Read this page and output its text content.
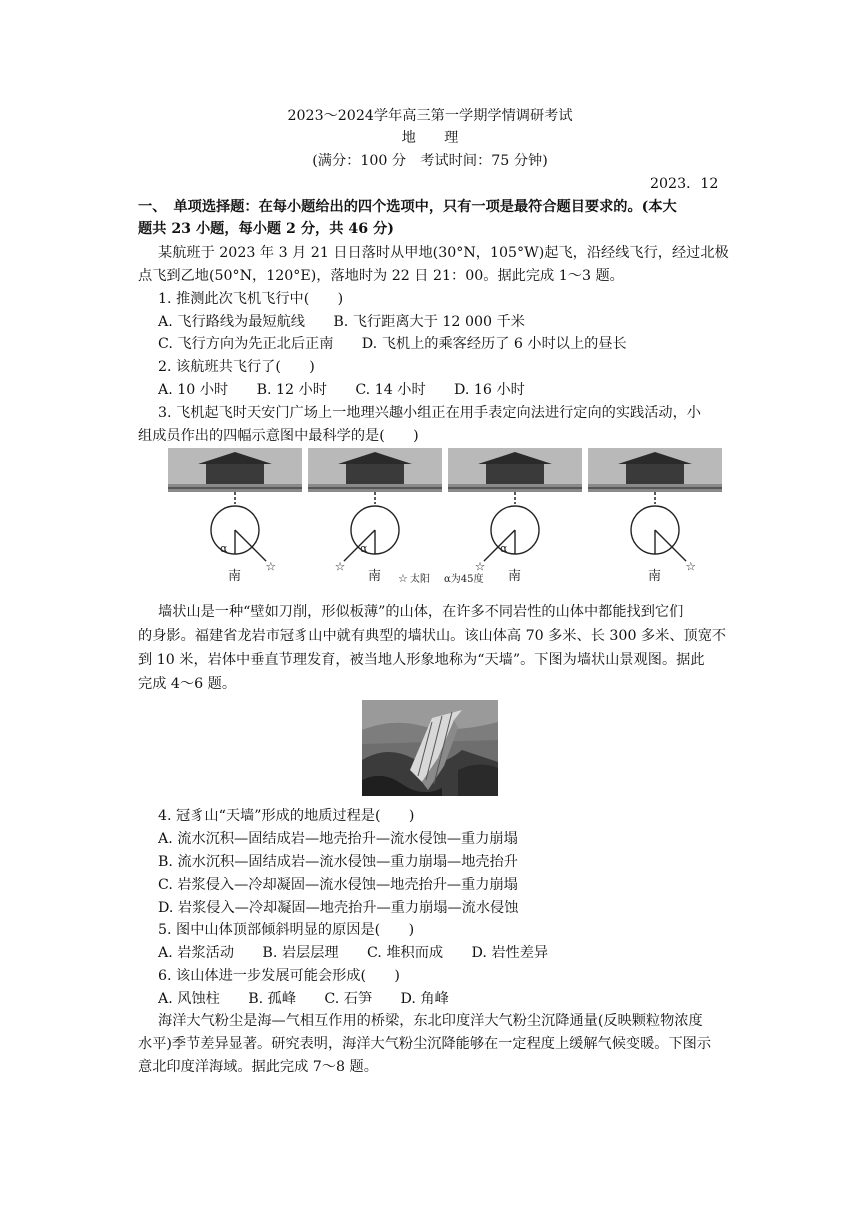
2023～2024学年高三第一学期学情调研考试
地　　理
(满分：100 分　考试时间：75 分钟)
2023．12
一、　单项选择题：在每小题给出的四个选项中，只有一项是最符合题目要求的。(本大
题共 23 小题，每小题 2 分，共 46 分)
某航班于 2023 年 3 月 21 日日落时从甲地(30°N，105°W)起飞，沿经线飞行，经过北极
点飞到乙地(50°N，120°E)，落地时为 22 日 21：00。据此完成 1～3 题。
1. 推测此次飞机飞行中(　　)
A. 飞行路线为最短航线　　B. 飞行距离大于 12 000 千米
C. 飞行方向为先正北后正南　　D. 飞机上的乘客经历了 6 小时以上的昼长
2. 该航班共飞行了(　　)
A. 10 小时　　B. 12 小时　　C. 14 小时　　D. 16 小时
3. 飞机起飞时天安门广场上一地理兴趣小组正在用手表定向法进行定向的实践活动，小
组成员作出的四幅示意图中最科学的是(　　)
α
☆
南
α
☆
南
α
☆
南
☆
南
☆ 太阳 α为45度
墙状山是一种“壁如刀削，形似板薄”的山体，在许多不同岩性的山体中都能找到它们
的身影。福建省龙岩市冠豸山中就有典型的墙状山。该山体高 70 多米、长 300 多米、顶宽不
到 10 米，岩体中垂直节理发育，被当地人形象地称为“天墙”。下图为墙状山景观图。据此
完成 4～6 题。
4. 冠豸山“天墙”形成的地质过程是(　　)
A. 流水沉积—固结成岩—地壳抬升—流水侵蚀—重力崩塌
B. 流水沉积—固结成岩—流水侵蚀—重力崩塌—地壳抬升
C. 岩浆侵入—冷却凝固—流水侵蚀—地壳抬升—重力崩塌
D. 岩浆侵入—冷却凝固—地壳抬升—重力崩塌—流水侵蚀
5. 图中山体顶部倾斜明显的原因是(　　)
A. 岩浆活动　　B. 岩层层理　　C. 堆积而成　　D. 岩性差异
6. 该山体进一步发展可能会形成(　　)
A. 风蚀柱　　B. 孤峰　　C. 石笋　　D. 角峰
海洋大气粉尘是海—气相互作用的桥梁，东北印度洋大气粉尘沉降通量(反映颗粒物浓度
水平)季节差异显著。研究表明，海洋大气粉尘沉降能够在一定程度上缓解气候变暖。下图示
意北印度洋海域。据此完成 7～8 题。
